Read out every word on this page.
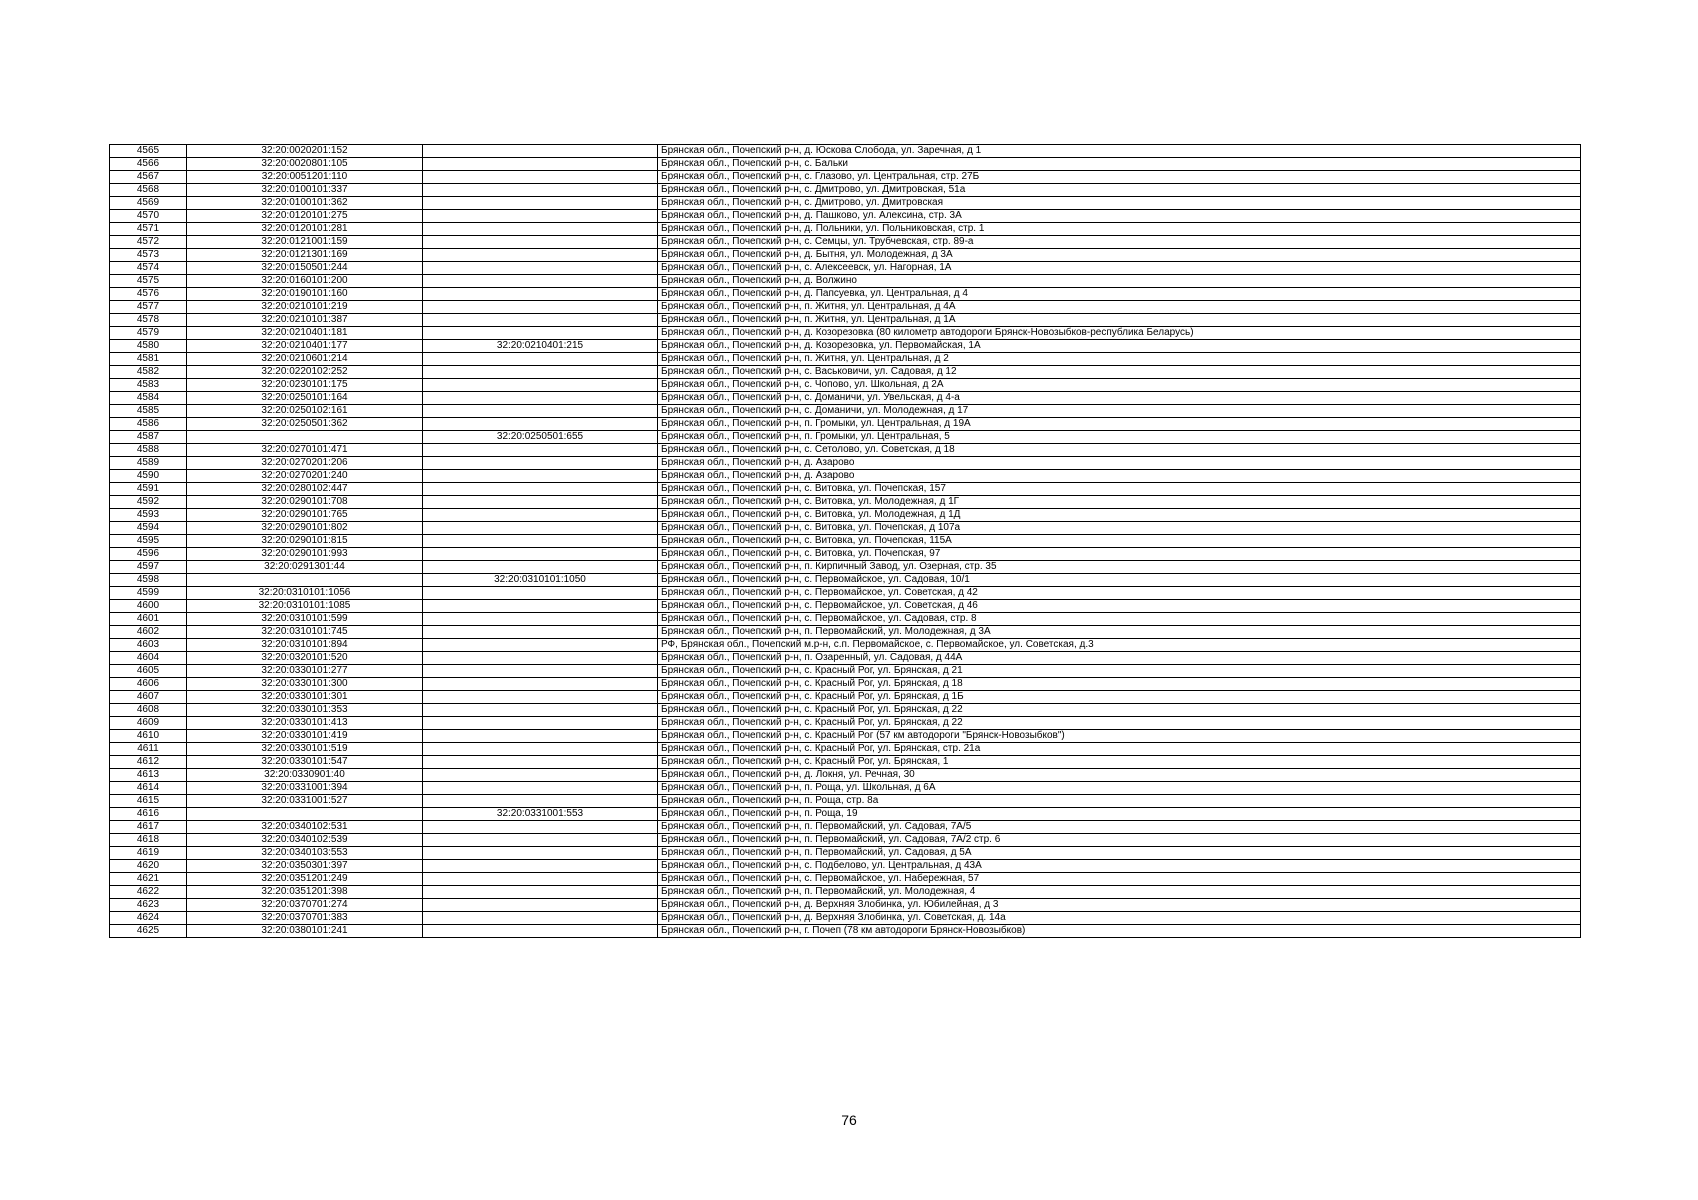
4565	32:20:0020201:152		Брянская обл., Почепский р-н, д. Юскова Слобода, ул. Заречная, д 1
4566	32:20:0020801:105		Брянская обл., Почепский р-н, с. Бальки
4567	32:20:0051201:110		Брянская обл., Почепский р-н, с. Глазово, ул. Центральная, стр. 27Б
4568	32:20:0100101:337		Брянская обл., Почепский р-н, с. Дмитрово, ул. Дмитровская, 51а
4569	32:20:0100101:362		Брянская обл., Почепский р-н, с. Дмитрово, ул. Дмитровская
4570	32:20:0120101:275		Брянская обл., Почепский р-н, д. Пашково, ул. Алексина, стр. 3А
4571	32:20:0120101:281		Брянская обл., Почепский р-н, д. Польники, ул. Польниковская, стр. 1
4572	32:20:0121001:159		Брянская обл., Почепский р-н, с. Семцы, ул. Трубчевская, стр. 89-а
4573	32:20:0121301:169		Брянская обл., Почепский р-н, д. Бытня, ул. Молодежная, д 3А
4574	32:20:0150501:244		Брянская обл., Почепский р-н, с. Алексеевск, ул. Нагорная, 1А
4575	32:20:0160101:200		Брянская обл., Почепский р-н, д. Волжино
4576	32:20:0190101:160		Брянская обл., Почепский р-н, д. Папсуевка, ул. Центральная, д 4
4577	32:20:0210101:219		Брянская обл., Почепский р-н, п. Житня, ул. Центральная, д 4А
4578	32:20:0210101:387		Брянская обл., Почепский р-н, п. Житня, ул. Центральная, д 1А
4579	32:20:0210401:181		Брянская обл., Почепский р-н, д. Козорезовка (80 километр автодороги Брянск-Новозыбков-республика Беларусь)
4580	32:20:0210401:177	32:20:0210401:215	Брянская обл., Почепский р-н, д. Козорезовка, ул. Первомайская, 1А
4581	32:20:0210601:214		Брянская обл., Почепский р-н, п. Житня, ул. Центральная, д 2
4582	32:20:0220102:252		Брянская обл., Почепский р-н, с. Васьковичи, ул. Садовая, д 12
4583	32:20:0230101:175		Брянская обл., Почепский р-н, с. Чопово, ул. Школьная, д 2А
4584	32:20:0250101:164		Брянская обл., Почепский р-н, с. Доманичи, ул. Увельская, д 4-а
4585	32:20:0250102:161		Брянская обл., Почепский р-н, с. Доманичи, ул. Молодежная, д 17
4586	32:20:0250501:362		Брянская обл., Почепский р-н, п. Громыки, ул. Центральная, д 19А
4587		32:20:0250501:655	Брянская обл., Почепский р-н, п. Громыки, ул. Центральная, 5
4588	32:20:0270101:471		Брянская обл., Почепский р-н, с. Сетолово, ул. Советская, д 18
4589	32:20:0270201:206		Брянская обл., Почепский р-н, д. Азарово
4590	32:20:0270201:240		Брянская обл., Почепский р-н, д. Азарово
4591	32:20:0280102:447		Брянская обл., Почепский р-н, с. Витовка, ул. Почепская, 157
4592	32:20:0290101:708		Брянская обл., Почепский р-н, с. Витовка, ул. Молодежная, д 1Г
4593	32:20:0290101:765		Брянская обл., Почепский р-н, с. Витовка, ул. Молодежная, д 1Д
4594	32:20:0290101:802		Брянская обл., Почепский р-н, с. Витовка, ул. Почепская, д 107а
4595	32:20:0290101:815		Брянская обл., Почепский р-н, с. Витовка, ул. Почепская, 115А
4596	32:20:0290101:993		Брянская обл., Почепский р-н, с. Витовка, ул. Почепская, 97
4597	32:20:0291301:44		Брянская обл., Почепский р-н, п. Кирпичный Завод, ул. Озерная, стр. 35
4598		32:20:0310101:1050	Брянская обл., Почепский р-н, с. Первомайское, ул. Садовая, 10/1
4599	32:20:0310101:1056		Брянская обл., Почепский р-н, с. Первомайское, ул. Советская, д 42
4600	32:20:0310101:1085		Брянская обл., Почепский р-н, с. Первомайское, ул. Советская, д 46
4601	32:20:0310101:599		Брянская обл., Почепский р-н, с. Первомайское, ул. Садовая, стр. 8
4602	32:20:0310101:745		Брянская обл., Почепский р-н, п. Первомайский, ул. Молодежная, д 3А
4603	32:20:0310101:894		РФ, Брянская обл., Почепский м.р-н, с.п. Первомайское, с. Первомайское, ул. Советская, д.3
4604	32:20:0320101:520		Брянская обл., Почепский р-н, п. Озаренный, ул. Садовая, д 44А
4605	32:20:0330101:277		Брянская обл., Почепский р-н, с. Красный Рог, ул. Брянская, д 21
4606	32:20:0330101:300		Брянская обл., Почепский р-н, с. Красный Рог, ул. Брянская, д 18
4607	32:20:0330101:301		Брянская обл., Почепский р-н, с. Красный Рог, ул. Брянская, д 1Б
4608	32:20:0330101:353		Брянская обл., Почепский р-н, с. Красный Рог, ул. Брянская, д 22
4609	32:20:0330101:413		Брянская обл., Почепский р-н, с. Красный Рог, ул. Брянская, д 22
4610	32:20:0330101:419		Брянская обл., Почепский р-н, с. Красный Рог (57 км автодороги "Брянск-Новозыбков")
4611	32:20:0330101:519		Брянская обл., Почепский р-н, с. Красный Рог, ул. Брянская, стр. 21а
4612	32:20:0330101:547		Брянская обл., Почепский р-н, с. Красный Рог, ул. Брянская, 1
4613	32:20:0330901:40		Брянская обл., Почепский р-н, д. Локня, ул. Речная, 30
4614	32:20:0331001:394		Брянская обл., Почепский р-н, п. Роща, ул. Школьная, д 6А
4615	32:20:0331001:527		Брянская обл., Почепский р-н, п. Роща, стр. 8а
4616		32:20:0331001:553	Брянская обл., Почепский р-н, п. Роща, 19
4617	32:20:0340102:531		Брянская обл., Почепский р-н, п. Первомайский, ул. Садовая, 7А/5
4618	32:20:0340102:539		Брянская обл., Почепский р-н, п. Первомайский, ул. Садовая, 7А/2 стр. 6
4619	32:20:0340103:553		Брянская обл., Почепский р-н, п. Первомайский, ул. Садовая, д 5А
4620	32:20:0350301:397		Брянская обл., Почепский р-н, с. Подбелово, ул. Центральная, д 43А
4621	32:20:0351201:249		Брянская обл., Почепский р-н, с. Первомайское, ул. Набережная, 57
4622	32:20:0351201:398		Брянская обл., Почепский р-н, п. Первомайский, ул. Молодежная, 4
4623	32:20:0370701:274		Брянская обл., Почепский р-н, д. Верхняя Злобинка, ул. Юбилейная, д 3
4624	32:20:0370701:383		Брянская обл., Почепский р-н, д. Верхняя Злобинка, ул. Советская, д. 14а
4625	32:20:0380101:241		Брянская обл., Почепский р-н, г. Почеп (78 км автодороги Брянск-Новозыбков)
76
